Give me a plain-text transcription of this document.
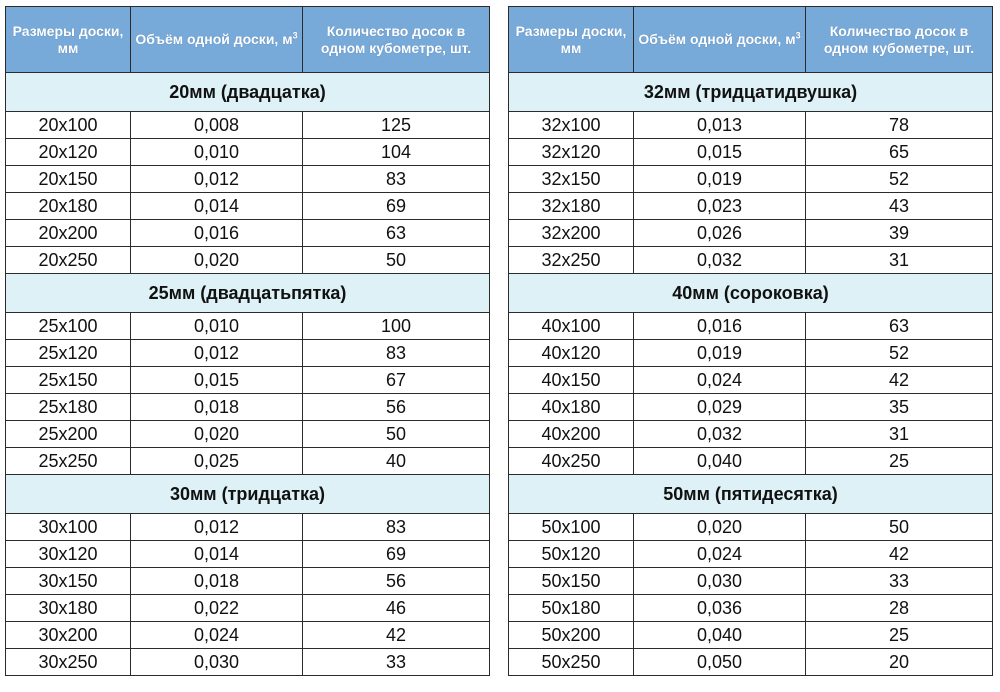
Размеры доски, мм	Объём одной доски, $м^3$	Количество досок в одном кубометре, шт.
20мм (двадцатка)		
20х100	0,008	125
20х120	0,010	104
20х150	0,012	83
20х180	0,014	69
20х200	0,016	63
20х250	0,020	50
25мм (двадцатьпятка)		
25х100	0,010	100
25х120	0,012	83
25х150	0,015	67
25х180	0,018	56
25х200	0,020	50
25х250	0,025	40
30мм (тридцатка)		
30х100	0,012	83
30х120	0,014	69
30х150	0,018	56
30х180	0,022	46
30х200	0,024	42
30х250	0,030	33
Размеры доски, мм	Объём одной доски, $м^3$	Количество досок в одном кубометре, шт.
32мм (тридцатидвушка)		
32х100	0,013	78
32х120	0,015	65
32х150	0,019	52
32х180	0,023	43
32х200	0,026	39
32х250	0,032	31
40мм (сороковка)		
40х100	0,016	63
40х120	0,019	52
40х150	0,024	42
40х180	0,029	35
40х200	0,032	31
40х250	0,040	25
50мм (пятидесятка)		
50х100	0,020	50
50х120	0,024	42
50х150	0,030	33
50х180	0,036	28
50х200	0,040	25
50х250	0,050	20
